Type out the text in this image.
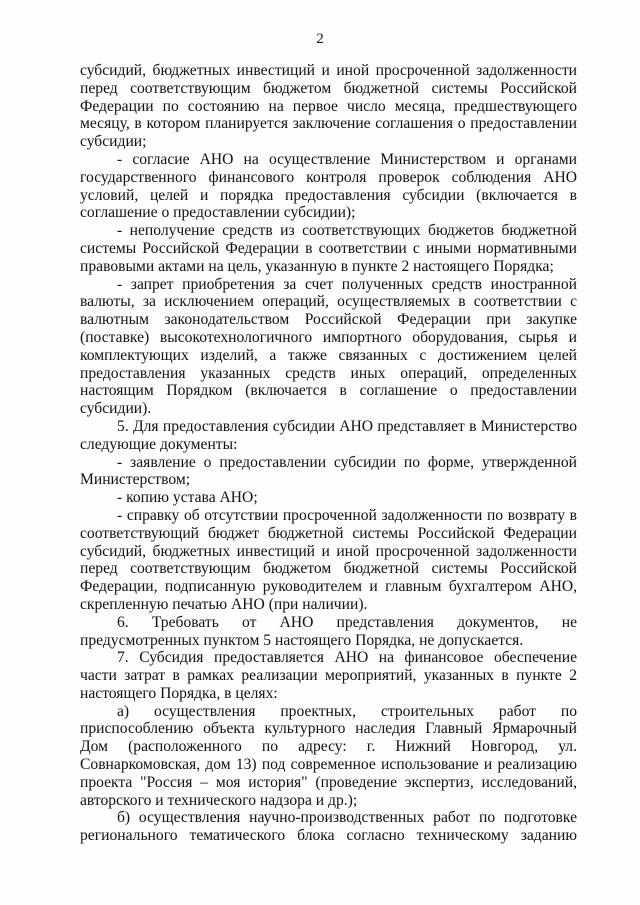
2

субсидий, бюджетных инвестиций и иной просроченной задолженности перед соответствующим бюджетом бюджетной системы Российской Федерации по состоянию на первое число месяца, предшествующего месяцу, в котором планируется заключение соглашения о предоставлении субсидии;

- согласие АНО на осуществление Министерством и органами государственного финансового контроля проверок соблюдения АНО условий, целей и порядка предоставления субсидии (включается в соглашение о предоставлении субсидии);

- неполучение средств из соответствующих бюджетов бюджетной системы Российской Федерации в соответствии с иными нормативными правовыми актами на цель, указанную в пункте 2 настоящего Порядка;

- запрет приобретения за счет полученных средств иностранной валюты, за исключением операций, осуществляемых в соответствии с валютным законодательством Российской Федерации при закупке (поставке) высокотехнологичного импортного оборудования, сырья и комплектующих изделий, а также связанных с достижением целей предоставления указанных средств иных операций, определенных настоящим Порядком (включается в соглашение о предоставлении субсидии).

5. Для предоставления субсидии АНО представляет в Министерство следующие документы:

- заявление о предоставлении субсидии по форме, утвержденной Министерством;

- копию устава АНО;

- справку об отсутствии просроченной задолженности по возврату в соответствующий бюджет бюджетной системы Российской Федерации субсидий, бюджетных инвестиций и иной просроченной задолженности перед соответствующим бюджетом бюджетной системы Российской Федерации, подписанную руководителем и главным бухгалтером АНО, скрепленную печатью АНО (при наличии).

6. Требовать от АНО представления документов, не предусмотренных пунктом 5 настоящего Порядка, не допускается.

7. Субсидия предоставляется АНО на финансовое обеспечение части затрат в рамках реализации мероприятий, указанных в пункте 2 настоящего Порядка, в целях:

а) осуществления проектных, строительных работ по приспособлению объекта культурного наследия Главный Ярмарочный Дом (расположенного по адресу: г. Нижний Новгород, ул. Совнаркомовская, дом 13) под современное использование и реализацию проекта "Россия – моя история" (проведение экспертиз, исследований, авторского и технического надзора и др.);

б) осуществления научно-производственных работ по подготовке регионального тематического блока согласно техническому заданию
